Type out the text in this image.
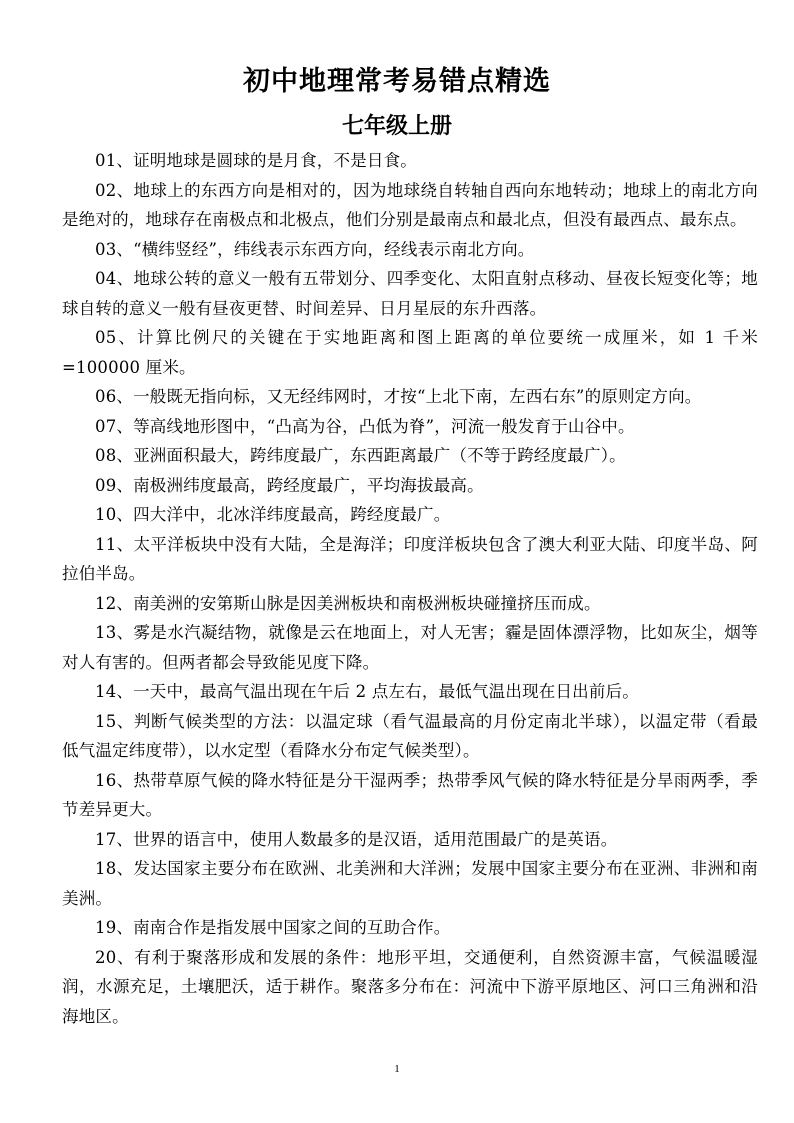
初中地理常考易错点精选
七年级上册
01、证明地球是圆球的是月食，不是日食。
02、地球上的东西方向是相对的，因为地球绕自转轴自西向东地转动；地球上的南北方向是绝对的，地球存在南极点和北极点，他们分别是最南点和最北点，但没有最西点、最东点。
03、“横纬竖经”，纬线表示东西方向，经线表示南北方向。
04、地球公转的意义一般有五带划分、四季变化、太阳直射点移动、昼夜长短变化等；地球自转的意义一般有昼夜更替、时间差异、日月星辰的东升西落。
05、计算比例尺的关键在于实地距离和图上距离的单位要统一成厘米，如 1 千米=100000 厘米。
06、一般既无指向标，又无经纬网时，才按“上北下南，左西右东”的原则定方向。
07、等高线地形图中，“凸高为谷，凸低为脊”，河流一般发育于山谷中。
08、亚洲面积最大，跨纬度最广，东西距离最广（不等于跨经度最广）。
09、南极洲纬度最高，跨经度最广，平均海拔最高。
10、四大洋中，北冰洋纬度最高，跨经度最广。
11、太平洋板块中没有大陆，全是海洋；印度洋板块包含了澳大利亚大陆、印度半岛、阿拉伯半岛。
12、南美洲的安第斯山脉是因美洲板块和南极洲板块碰撞挤压而成。
13、雾是水汽凝结物，就像是云在地面上，对人无害；霾是固体漂浮物，比如灰尘，烟等对人有害的。但两者都会导致能见度下降。
14、一天中，最高气温出现在午后 2 点左右，最低气温出现在日出前后。
15、判断气候类型的方法：以温定球（看气温最高的月份定南北半球），以温定带（看最低气温定纬度带），以水定型（看降水分布定气候类型）。
16、热带草原气候的降水特征是分干湿两季；热带季风气候的降水特征是分旱雨两季，季节差异更大。
17、世界的语言中，使用人数最多的是汉语，适用范围最广的是英语。
18、发达国家主要分布在欧洲、北美洲和大洋洲；发展中国家主要分布在亚洲、非洲和南美洲。
19、南南合作是指发展中国家之间的互助合作。
20、有利于聚落形成和发展的条件：地形平坦，交通便利，自然资源丰富，气候温暖湿润，水源充足，土壤肥沃，适于耕作。聚落多分布在：河流中下游平原地区、河口三角洲和沿海地区。
1
